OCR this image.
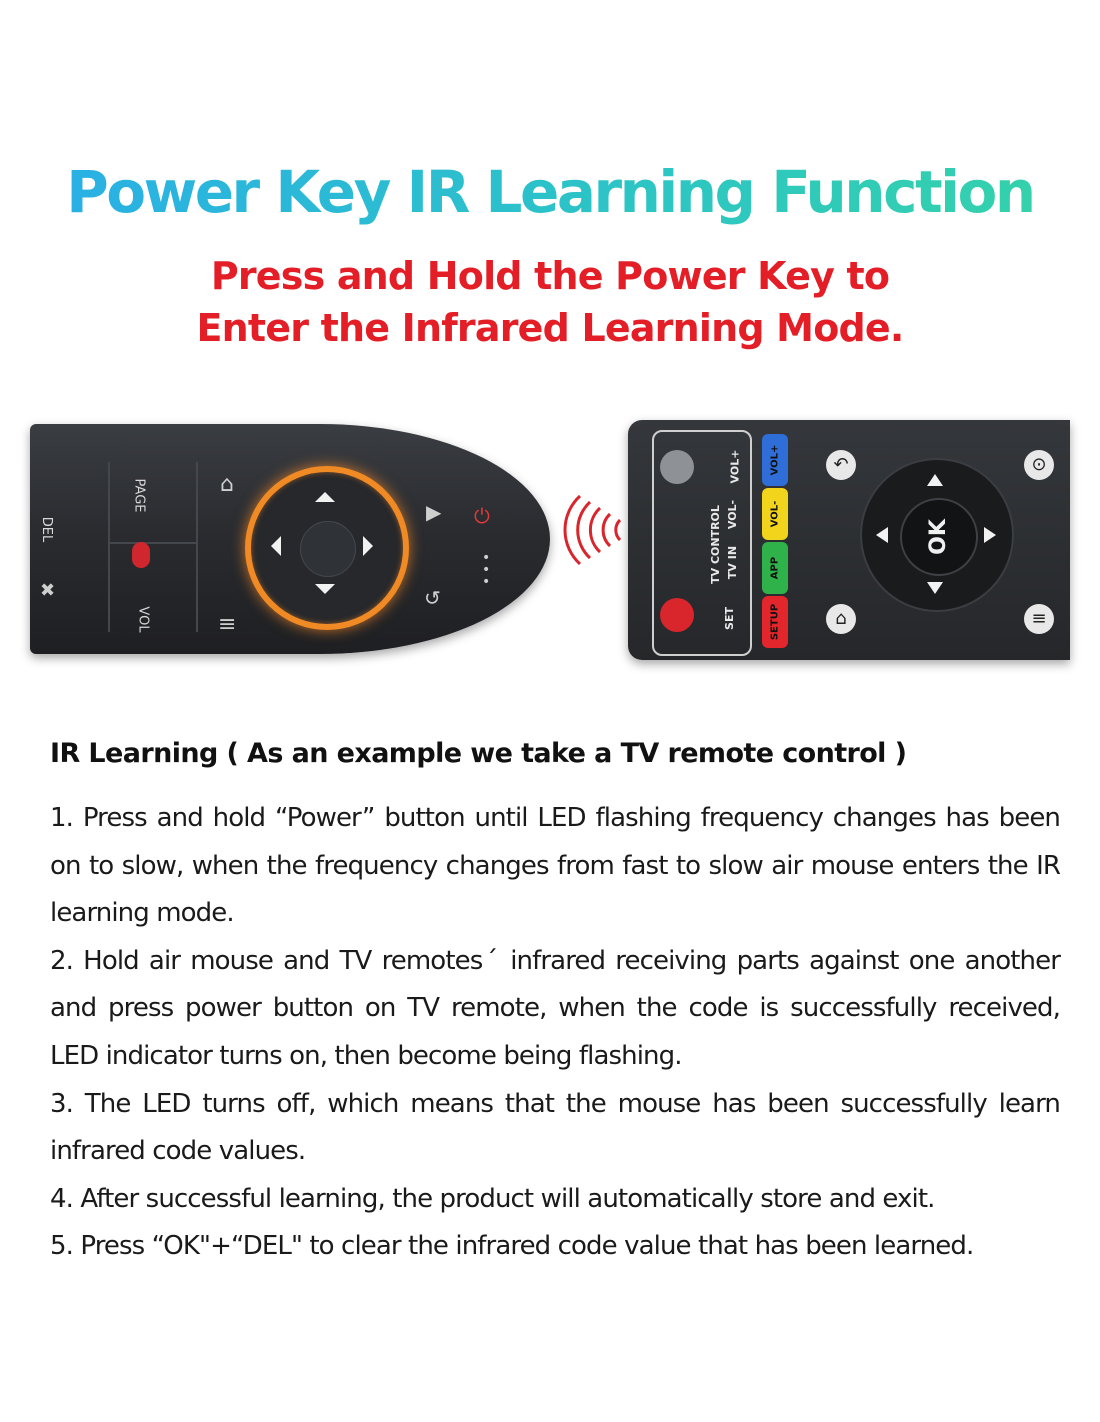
Power Key IR Learning Function
Press and Hold the Power Key to
Enter the Infrared Learning Mode.
DEL
PAGE
VOL
✖
⌂
≡
▶
↺
⏻
•
•
•	TV CONTROL
SET
TV IN
VOL-
VOL+
SETUP
APP
VOL-
VOL+	↶
⌂
⊙
≡
OK
IR Learning ( As an example we take a TV remote control )
1. Press and hold “Power” button until LED flashing frequency changes has been on to slow, when the frequency changes from fast to slow air mouse enters the IR learning mode.
2. Hold air mouse and TV remotesˊ infrared receiving parts against one another and press power button on TV remote, when the code is successfully received, LED indicator turns on, then become being flashing.
3. The LED turns off, which means that the mouse has been successfully learn infrared code values.
4. After successful learning, the product will automatically store and exit.
5. Press “OK"+“DEL" to clear the infrared code value that has been learned.
